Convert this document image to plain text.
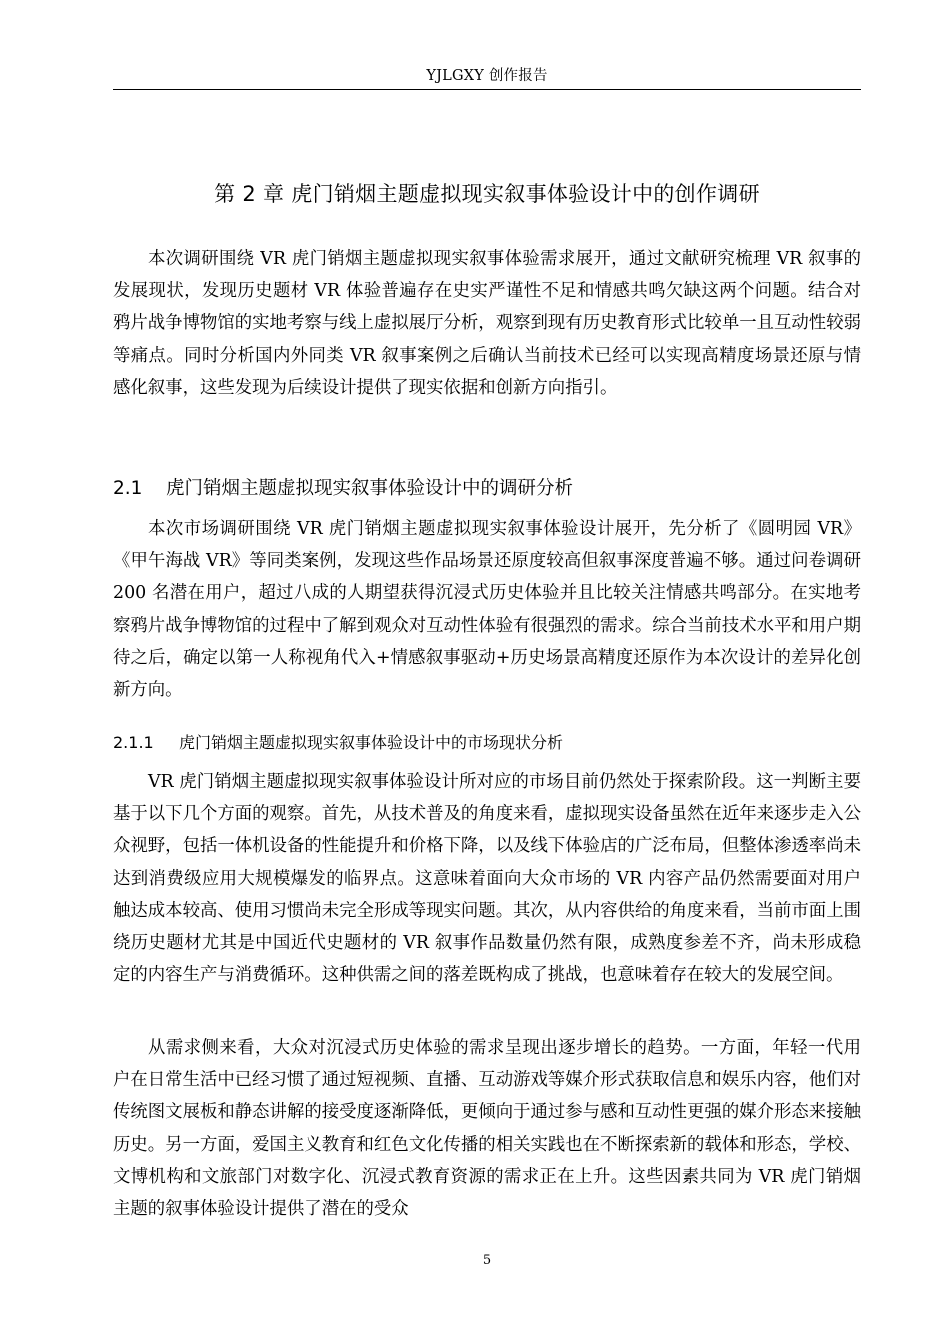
YJLGXY 创作报告
第 2 章 虎门销烟主题虚拟现实叙事体验设计中的创作调研

本次调研围绕 VR 虎门销烟主题虚拟现实叙事体验需求展开，通过文献研究梳理 VR 叙事的发展现状，发现历史题材 VR 体验普遍存在史实严谨性不足和情感共鸣欠缺这两个问题。结合对鸦片战争博物馆的实地考察与线上虚拟展厅分析，观察到现有历史教育形式比较单一且互动性较弱等痛点。同时分析国内外同类 VR 叙事案例之后确认当前技术已经可以实现高精度场景还原与情感化叙事，这些发现为后续设计提供了现实依据和创新方向指引。

2.1 虎门销烟主题虚拟现实叙事体验设计中的调研分析

本次市场调研围绕 VR 虎门销烟主题虚拟现实叙事体验设计展开，先分析了《圆明园 VR》《甲午海战 VR》等同类案例，发现这些作品场景还原度较高但叙事深度普遍不够。通过问卷调研 200 名潜在用户，超过八成的人期望获得沉浸式历史体验并且比较关注情感共鸣部分。在实地考察鸦片战争博物馆的过程中了解到观众对互动性体验有很强烈的需求。综合当前技术水平和用户期待之后，确定以第一人称视角代入+情感叙事驱动+历史场景高精度还原作为本次设计的差异化创新方向。

2.1.1 虎门销烟主题虚拟现实叙事体验设计中的市场现状分析

VR 虎门销烟主题虚拟现实叙事体验设计所对应的市场目前仍然处于探索阶段。这一判断主要基于以下几个方面的观察。首先，从技术普及的角度来看，虚拟现实设备虽然在近年来逐步走入公众视野，包括一体机设备的性能提升和价格下降，以及线下体验店的广泛布局，但整体渗透率尚未达到消费级应用大规模爆发的临界点。这意味着面向大众市场的 VR 内容产品仍然需要面对用户触达成本较高、使用习惯尚未完全形成等现实问题。其次，从内容供给的角度来看，当前市面上围绕历史题材尤其是中国近代史题材的 VR 叙事作品数量仍然有限，成熟度参差不齐，尚未形成稳定的内容生产与消费循环。这种供需之间的落差既构成了挑战，也意味着存在较大的发展空间。

从需求侧来看，大众对沉浸式历史体验的需求呈现出逐步增长的趋势。一方面，年轻一代用户在日常生活中已经习惯了通过短视频、直播、互动游戏等媒介形式获取信息和娱乐内容，他们对传统图文展板和静态讲解的接受度逐渐降低，更倾向于通过参与感和互动性更强的媒介形态来接触历史。另一方面，爱国主义教育和红色文化传播的相关实践也在不断探索新的载体和形态，学校、文博机构和文旅部门对数字化、沉浸式教育资源的需求正在上升。这些因素共同为 VR 虎门销烟主题的叙事体验设计提供了潜在的受众

5
